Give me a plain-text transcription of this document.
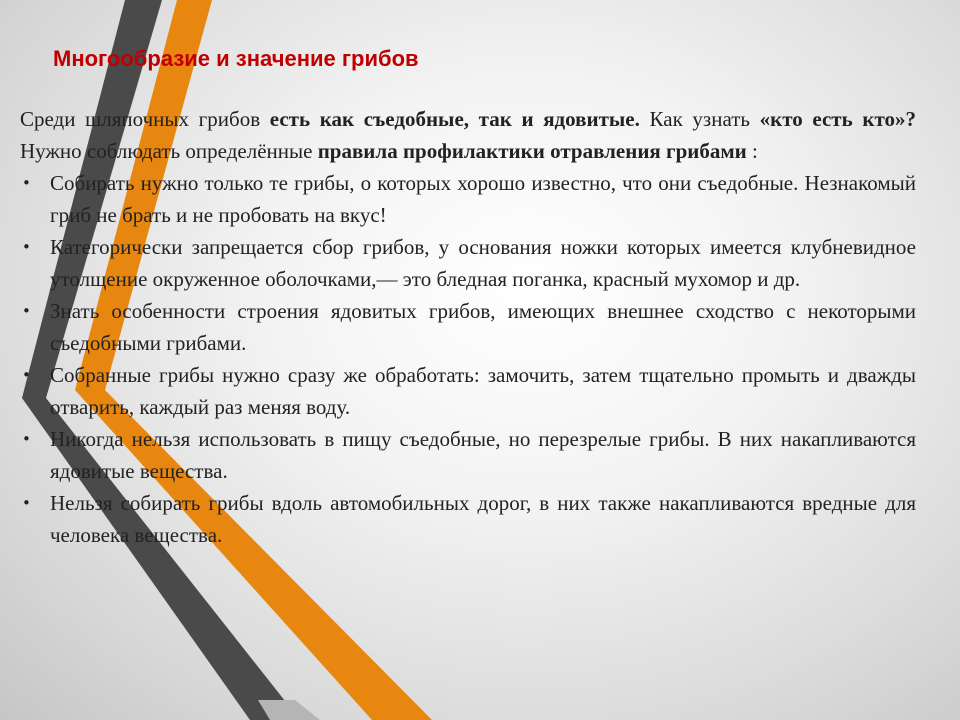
Многообразие и значение грибов

Среди шляпочных грибов есть как съедобные, так и ядовитые. Как узнать «кто есть кто»? Нужно соблюдать определённые правила профилактики отравления грибами :

• Собирать нужно только те грибы, о которых хорошо известно, что они съедобные. Незнакомый гриб не брать и не пробовать на вкус!
• Категорически запрещается сбор грибов, у основания ножки которых имеется клубневидное утолщение окруженное оболочками,— это бледная поганка, красный мухомор и др.
• Знать особенности строения ядовитых грибов, имеющих внешнее сходство с некоторыми съедобными грибами.
• Собранные грибы нужно сразу же обработать: замочить, затем тщательно промыть и дважды отварить, каждый раз меняя воду.
• Никогда нельзя использовать в пищу съедобные, но перезрелые грибы. В них накапливаются ядовитые вещества.
• Нельзя собирать грибы вдоль автомобильных дорог, в них также накапливаются вредные для человека вещества.
